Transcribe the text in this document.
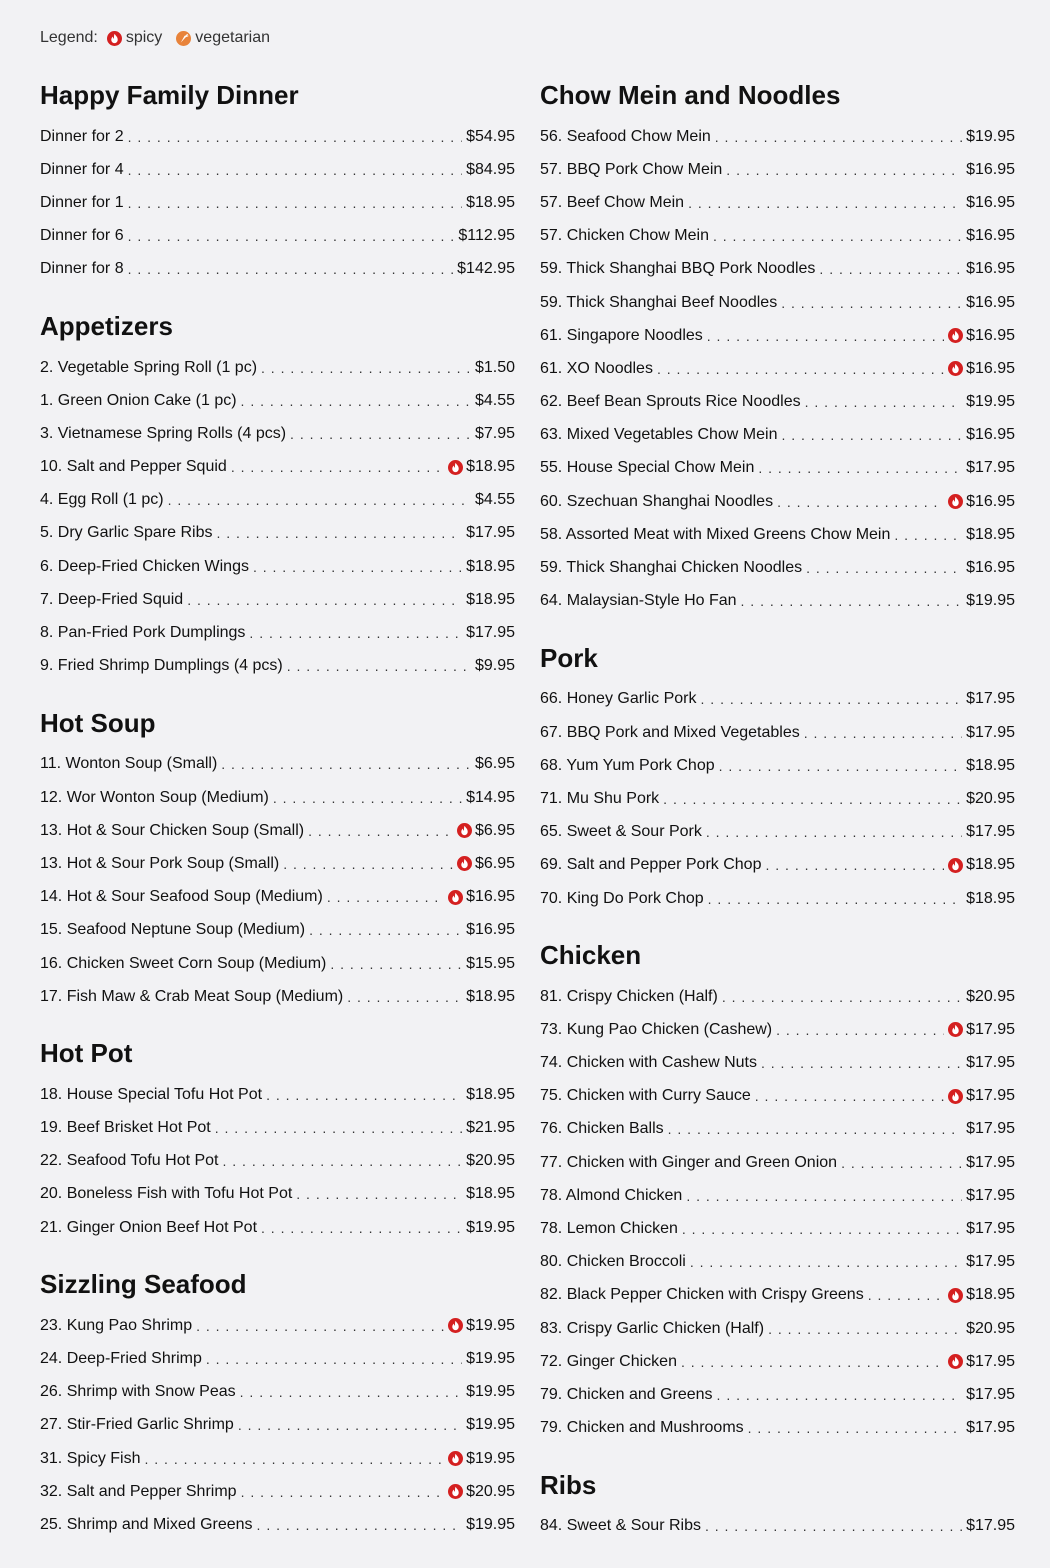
Legend: spicy vegetarian
Happy Family Dinner
Dinner for 2 . . .	$54.95
Dinner for 4 . . .	$84.95
Dinner for 1 . . .	$18.95
Dinner for 6 . . .	$112.95
Dinner for 8 . . .	$142.95
Appetizers
2. Vegetable Spring Roll (1 pc) . . .	$1.50
1. Green Onion Cake (1 pc) . . .	$4.55
3. Vietnamese Spring Rolls (4 pcs) . . .	$7.95
10. Salt and Pepper Squid . . .	$18.95
4. Egg Roll (1 pc) . . .	$4.55
5. Dry Garlic Spare Ribs . . .	$17.95
6. Deep-Fried Chicken Wings . . .	$18.95
7. Deep-Fried Squid . . .	$18.95
8. Pan-Fried Pork Dumplings . . .	$17.95
9. Fried Shrimp Dumplings (4 pcs) . . .	$9.95
Hot Soup
11. Wonton Soup (Small) . . .	$6.95
12. Wor Wonton Soup (Medium) . . .	$14.95
13. Hot & Sour Chicken Soup (Small) . . .	$6.95
13. Hot & Sour Pork Soup (Small) . . .	$6.95
14. Hot & Sour Seafood Soup (Medium) . . .	$16.95
15. Seafood Neptune Soup (Medium) . . .	$16.95
16. Chicken Sweet Corn Soup (Medium) . . .	$15.95
17. Fish Maw & Crab Meat Soup (Medium) . . .	$18.95
Hot Pot
18. House Special Tofu Hot Pot . . .	$18.95
19. Beef Brisket Hot Pot . . .	$21.95
22. Seafood Tofu Hot Pot . . .	$20.95
20. Boneless Fish with Tofu Hot Pot . . .	$18.95
21. Ginger Onion Beef Hot Pot . . .	$19.95
Sizzling Seafood
23. Kung Pao Shrimp . . .	$19.95
24. Deep-Fried Shrimp . . .	$19.95
26. Shrimp with Snow Peas . . .	$19.95
27. Stir-Fried Garlic Shrimp . . .	$19.95
31. Spicy Fish . . .	$19.95
32. Salt and Pepper Shrimp . . .	$20.95
25. Shrimp and Mixed Greens . . .	$19.95
Chow Mein and Noodles
56. Seafood Chow Mein . . .	$19.95
57. BBQ Pork Chow Mein . . .	$16.95
57. Beef Chow Mein . . .	$16.95
57. Chicken Chow Mein . . .	$16.95
59. Thick Shanghai BBQ Pork Noodles . . .	$16.95
59. Thick Shanghai Beef Noodles . . .	$16.95
61. Singapore Noodles . . .	$16.95
61. XO Noodles . . .	$16.95
62. Beef Bean Sprouts Rice Noodles . . .	$19.95
63. Mixed Vegetables Chow Mein . . .	$16.95
55. House Special Chow Mein . . .	$17.95
60. Szechuan Shanghai Noodles . . .	$16.95
58. Assorted Meat with Mixed Greens Chow Mein . . .	$18.95
59. Thick Shanghai Chicken Noodles . . .	$16.95
64. Malaysian-Style Ho Fan . . .	$19.95
Pork
66. Honey Garlic Pork . . .	$17.95
67. BBQ Pork and Mixed Vegetables . . .	$17.95
68. Yum Yum Pork Chop . . .	$18.95
71. Mu Shu Pork . . .	$20.95
65. Sweet & Sour Pork . . .	$17.95
69. Salt and Pepper Pork Chop . . .	$18.95
70. King Do Pork Chop . . .	$18.95
Chicken
81. Crispy Chicken (Half) . . .	$20.95
73. Kung Pao Chicken (Cashew) . . .	$17.95
74. Chicken with Cashew Nuts . . .	$17.95
75. Chicken with Curry Sauce . . .	$17.95
76. Chicken Balls . . .	$17.95
77. Chicken with Ginger and Green Onion . . .	$17.95
78. Almond Chicken . . .	$17.95
78. Lemon Chicken . . .	$17.95
80. Chicken Broccoli . . .	$17.95
82. Black Pepper Chicken with Crispy Greens . . .	$18.95
83. Crispy Garlic Chicken (Half) . . .	$20.95
72. Ginger Chicken . . .	$17.95
79. Chicken and Greens . . .	$17.95
79. Chicken and Mushrooms . . .	$17.95
Ribs
84. Sweet & Sour Ribs . . .	$17.95
